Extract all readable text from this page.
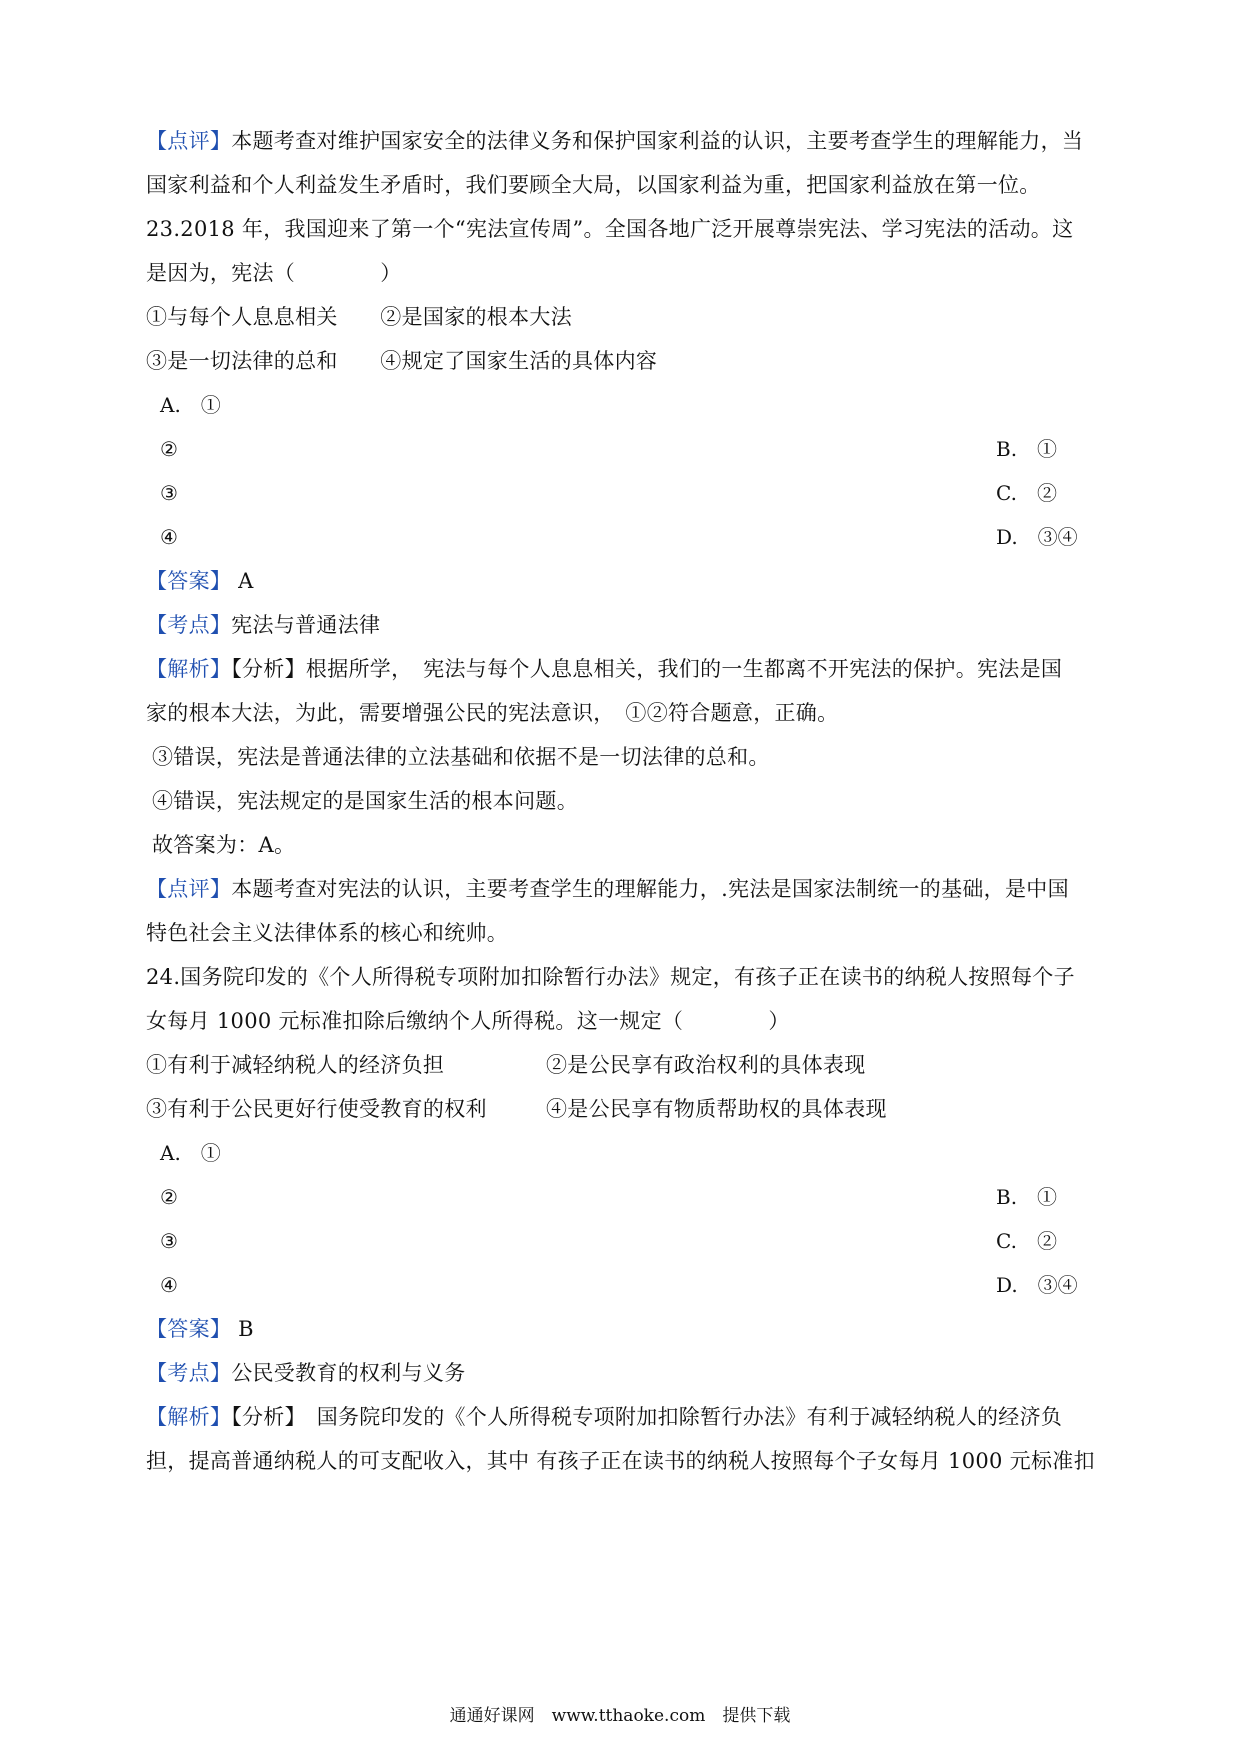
【点评】本题考查对维护国家安全的法律义务和保护国家利益的认识，主要考查学生的理解能力，当
国家利益和个人利益发生矛盾时，我们要顾全大局，以国家利益为重，把国家利益放在第一位。
23.2018 年，我国迎来了第一个“宪法宣传周”。全国各地广泛开展尊崇宪法、学习宪法的活动。这
是因为，宪法（　　　　）
①与每个人息息相关　　②是国家的根本大法
③是一切法律的总和　　④规定了国家生活的具体内容
A.　①
②	B.　①
③	C.　②
④	D.　③④
【答案】 A
【考点】宪法与普通法律
【解析】【分析】根据所学，　宪法与每个人息息相关，我们的一生都离不开宪法的保护。宪法是国
家的根本大法，为此，需要增强公民的宪法意识，　①②符合题意，正确。
③错误，宪法是普通法律的立法基础和依据不是一切法律的总和。
④错误，宪法规定的是国家生活的根本问题。
故答案为：A。
【点评】本题考查对宪法的认识，主要考查学生的理解能力，.宪法是国家法制统一的基础，是中国
特色社会主义法律体系的核心和统帅。
24.国务院印发的《个人所得税专项附加扣除暂行办法》规定，有孩子正在读书的纳税人按照每个子
女每月 1000 元标准扣除后缴纳个人所得税。这一规定（　　　　）
①有利于减轻纳税人的经济负担	②是公民享有政治权利的具体表现
③有利于公民更好行使受教育的权利	④是公民享有物质帮助权的具体表现
A.　①
②	B.　①
③	C.　②
④	D.　③④
【答案】 B
【考点】公民受教育的权利与义务
【解析】【分析】　国务院印发的《个人所得税专项附加扣除暂行办法》有利于减轻纳税人的经济负
担，提高普通纳税人的可支配收入，其中 有孩子正在读书的纳税人按照每个子女每月 1000 元标准扣
通通好课网　www.tthaoke.com　提供下载
